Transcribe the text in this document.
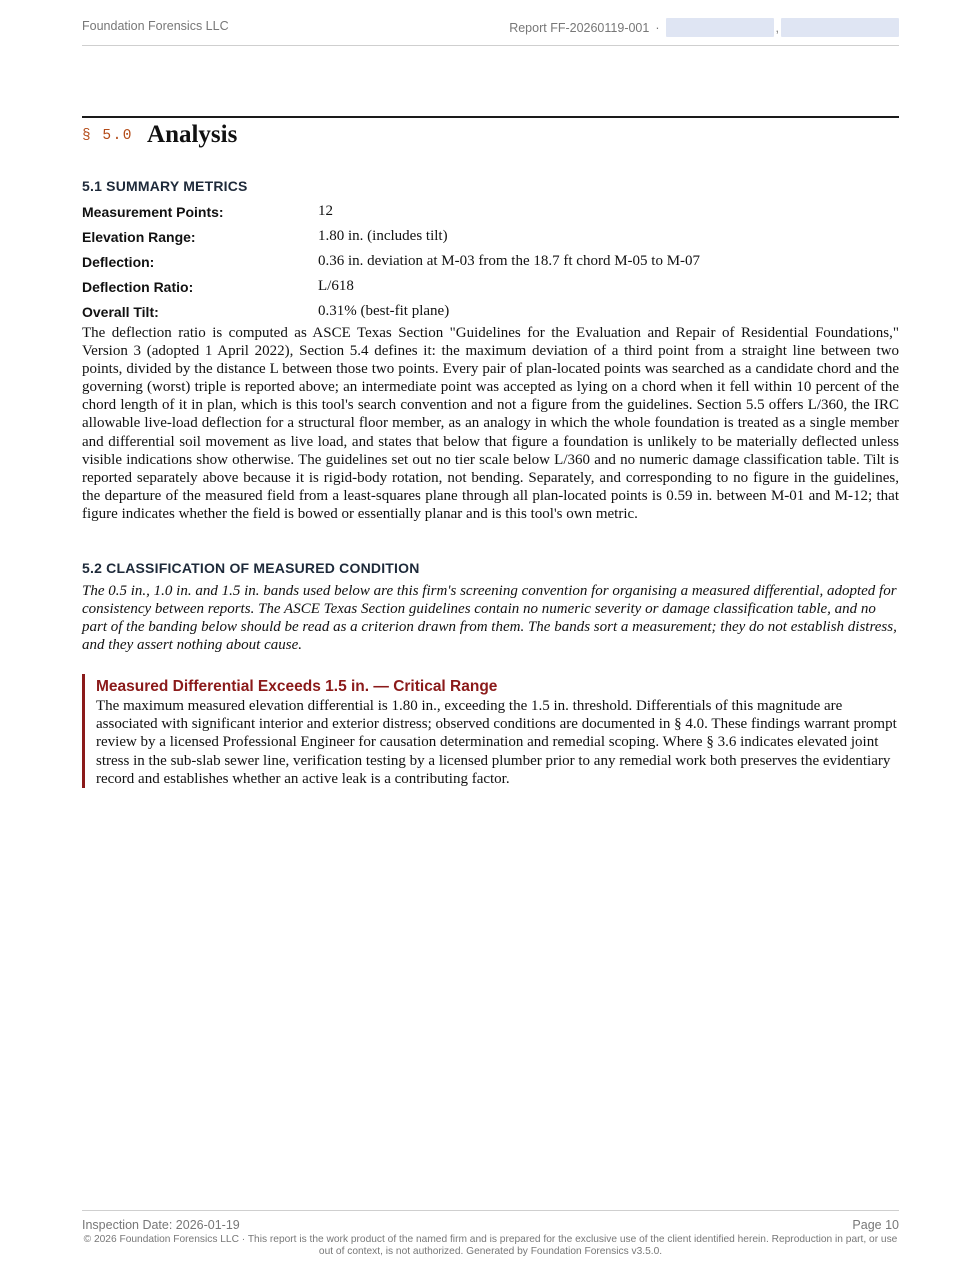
Foundation Forensics LLC	Report FF-20260119-001 ·	,
§ 5.0 Analysis
5.1 SUMMARY METRICS
Measurement Points:	12
Elevation Range:	1.80 in. (includes tilt)
Deflection:	0.36 in. deviation at M-03 from the 18.7 ft chord M-05 to M-07
Deflection Ratio:	L/618
Overall Tilt:	0.31% (best-fit plane)

The deflection ratio is computed as ASCE Texas Section "Guidelines for the Evaluation and Repair of Residential Foundations," Version 3 (adopted 1 April 2022), Section 5.4 defines it: the maximum deviation of a third point from a straight line between two points, divided by the distance L between those two points. Every pair of plan-located points was searched as a candidate chord and the governing (worst) triple is reported above; an intermediate point was accepted as lying on a chord when it fell within 10 percent of the chord length of it in plan, which is this tool's search convention and not a figure from the guidelines. Section 5.5 offers L/360, the IRC allowable live-load deflection for a structural floor member, as an analogy in which the whole foundation is treated as a single member and differential soil movement as live load, and states that below that figure a foundation is unlikely to be materially deflected unless visible indications show otherwise. The guidelines set out no tier scale below L/360 and no numeric damage classification table. Tilt is reported separately above because it is rigid-body rotation, not bending. Separately, and corresponding to no figure in the guidelines, the departure of the measured field from a least-squares plane through all plan-located points is 0.59 in. between M-01 and M-12; that figure indicates whether the field is bowed or essentially planar and is this tool's own metric.

5.2 CLASSIFICATION OF MEASURED CONDITION

The 0.5 in., 1.0 in. and 1.5 in. bands used below are this firm's screening convention for organising a measured differential, adopted for consistency between reports. The ASCE Texas Section guidelines contain no numeric severity or damage classification table, and no part of the banding below should be read as a criterion drawn from them. The bands sort a measurement; they do not establish distress, and they assert nothing about cause.

Measured Differential Exceeds 1.5 in. — Critical Range

The maximum measured elevation differential is 1.80 in., exceeding the 1.5 in. threshold. Differentials of this magnitude are associated with significant interior and exterior distress; observed conditions are documented in § 4.0. These findings warrant prompt review by a licensed Professional Engineer for causation determination and remedial scoping. Where § 3.6 indicates elevated joint stress in the sub-slab sewer line, verification testing by a licensed plumber prior to any remedial work both preserves the evidentiary record and establishes whether an active leak is a contributing factor.

Inspection Date: 2026-01-19	Page 10
© 2026 Foundation Forensics LLC · This report is the work product of the named firm and is prepared for the exclusive use of the client identified herein. Reproduction in part, or use out of context, is not authorized. Generated by Foundation Forensics v3.5.0.
